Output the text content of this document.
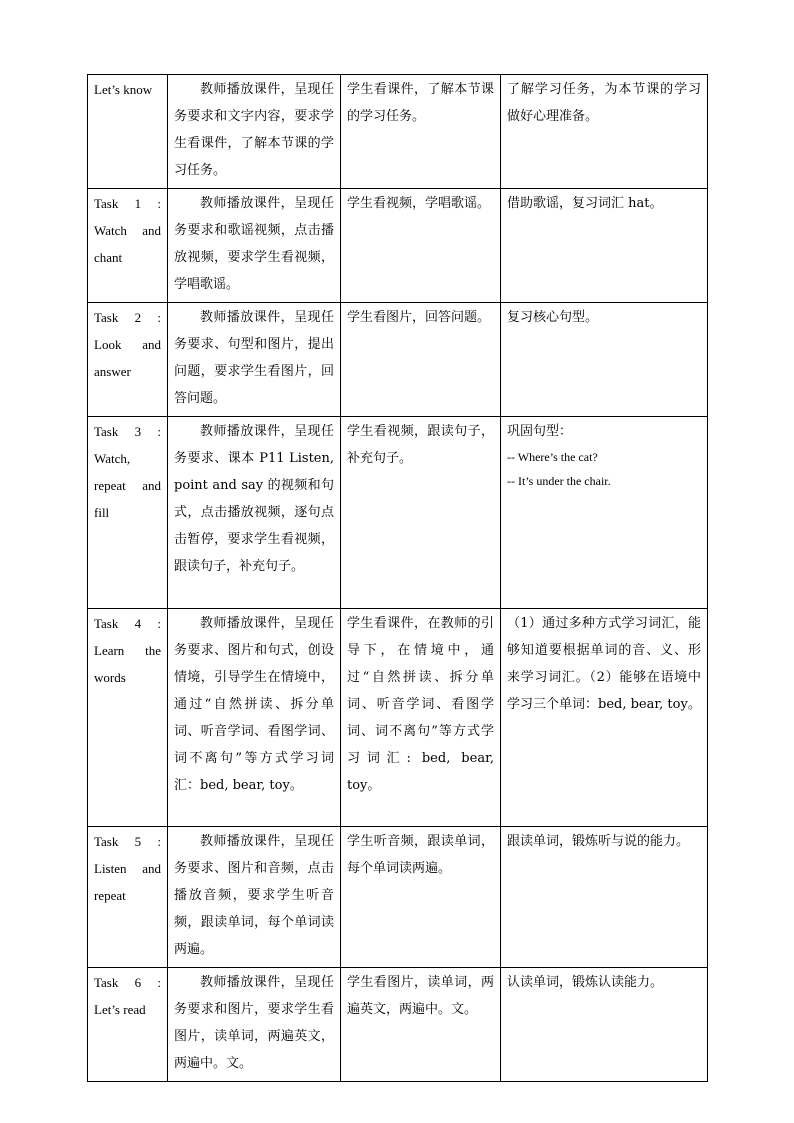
Let’s know	教师播放课件，呈现任务要求和文字内容，要求学生看课件，了解本节课的学习任务。	学生看课件，了解本节课的学习任务。	了解学习任务，为本节课的学习做好心理准备。
Task 1 : Watch and chant	教师播放课件，呈现任务要求和歌谣视频，点击播放视频，要求学生看视频，学唱歌谣。	学生看视频，学唱歌谣。	借助歌谣，复习词汇 hat。
Task 2 : Look and answer	教师播放课件，呈现任务要求、句型和图片，提出问题，要求学生看图片，回答问题。	学生看图片，回答问题。	复习核心句型。
Task 3 : Watch, repeat and fill	教师播放课件，呈现任务要求、课本 P11 Listen, point and say 的视频和句式，点击播放视频，逐句点击暂停，要求学生看视频，跟读句子，补充句子。	学生看视频，跟读句子，补充句子。	巩固句型：
-- Where’s the cat?
-- It’s under the chair.

Task 4 : Learn the words	教师播放课件，呈现任务要求、图片和句式，创设情境，引导学生在情境中，通过“自然拼读、拆分单词、听音学词、看图学词、词不离句”等方式学习词汇：bed, bear, toy。	学生看课件，在教师的引导下，在情境中，通过“自然拼读、拆分单词、听音学词、看图学词、词不离句”等方式学习词汇: bed, bear, toy。	（1）通过多种方式学习词汇，能够知道要根据单词的音、义、形来学习词汇。（2）能够在语境中学习三个单词：bed, bear, toy。
Task 5 : Listen and repeat	教师播放课件，呈现任务要求、图片和音频，点击播放音频，要求学生听音频，跟读单词，每个单词读两遍。	学生听音频，跟读单词，每个单词读两遍。	跟读单词，锻炼听与说的能力。
Task 6 : Let’s read	教师播放课件，呈现任务要求和图片，要求学生看图片，读单词，两遍英文，两遍中。文。	学生看图片，读单词，两遍英文，两遍中。文。	认读单词，锻炼认读能力。
